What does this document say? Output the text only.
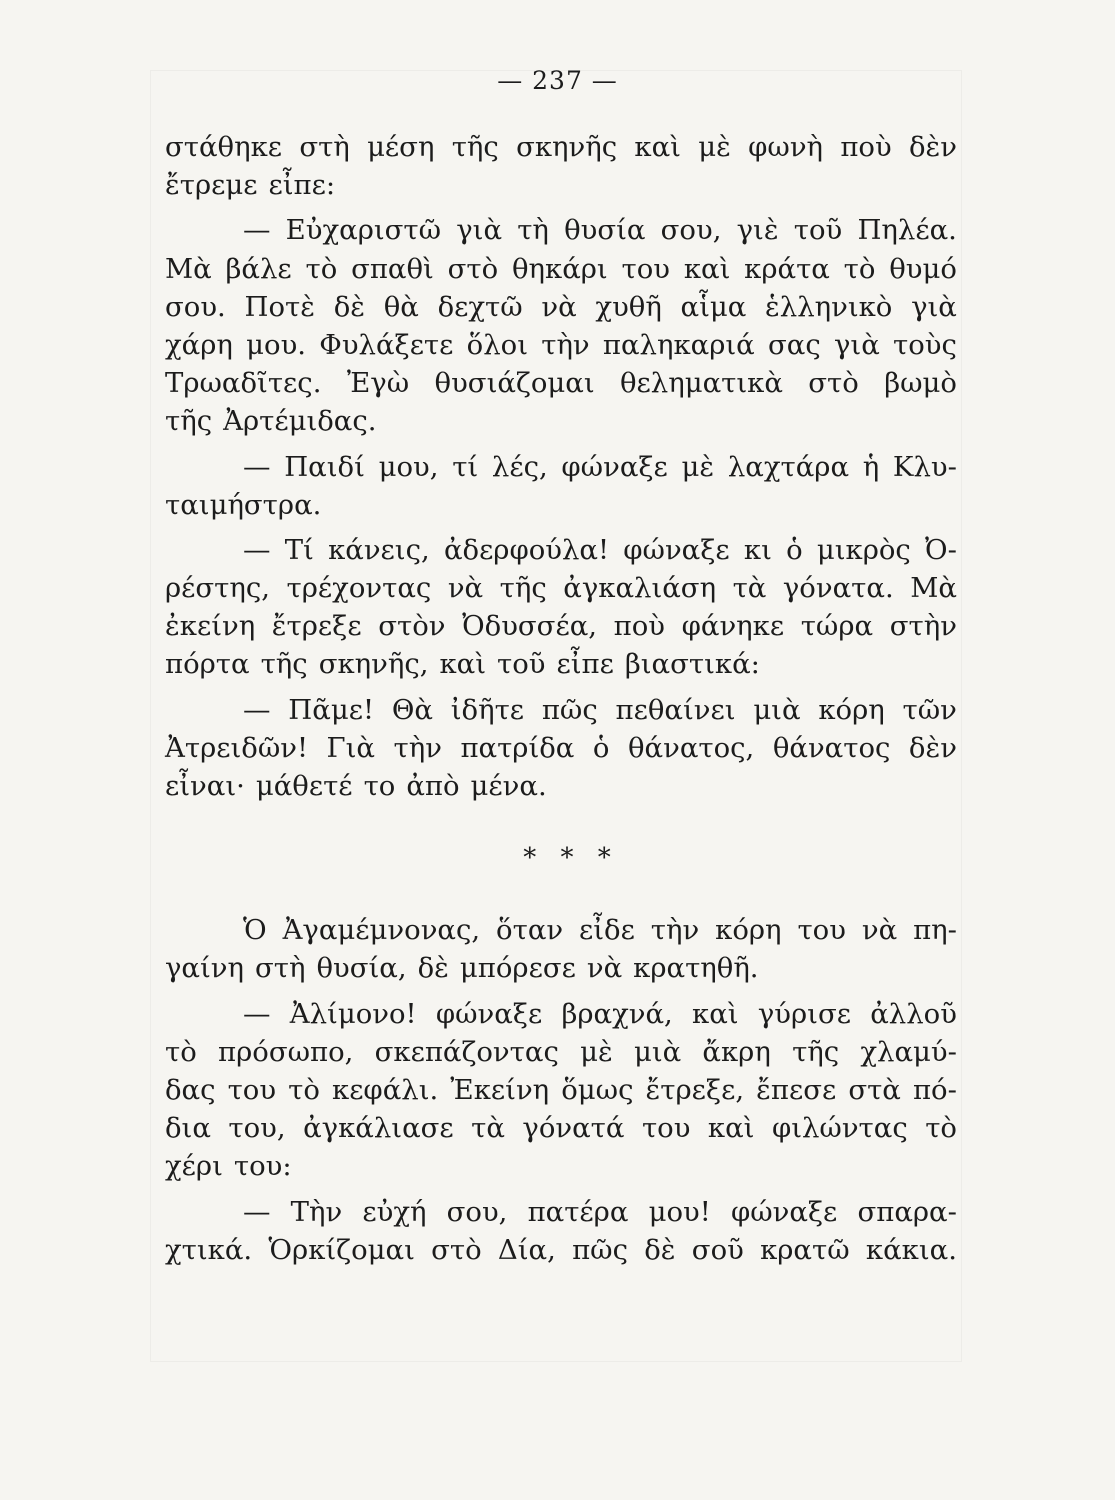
— 237 —
στάθηκε στὴ μέση τῆς σκηνῆς καὶ μὲ φωνὴ ποὺ δὲν
ἔτρεμε εἶπε:
— Εὐχαριστῶ γιὰ τὴ θυσία σου, γιὲ τοῦ Πηλέα.
Μὰ βάλε τὸ σπαθὶ στὸ θηκάρι του καὶ κράτα τὸ θυμό
σου. Ποτὲ δὲ θὰ δεχτῶ νὰ χυθῆ αἷμα ἑλληνικὸ γιὰ
χάρη μου. Φυλάξετε ὅλοι τὴν παληκαριά σας γιὰ τοὺς
Τρωαδῖτες. Ἐγὼ θυσιάζομαι θεληματικὰ στὸ βωμὸ
τῆς Ἀρτέμιδας.
— Παιδί μου, τί λές, φώναξε μὲ λαχτάρα ἡ Κλυ-
ταιμήστρα.
— Τί κάνεις, ἀδερφούλα! φώναξε κι ὁ μικρὸς Ὀ-
ρέστης, τρέχοντας νὰ τῆς ἀγκαλιάση τὰ γόνατα. Μὰ
ἐκείνη ἔτρεξε στὸν Ὀδυσσέα, ποὺ φάνηκε τώρα στὴν
πόρτα τῆς σκηνῆς, καὶ τοῦ εἶπε βιαστικά:
— Πᾶμε! Θὰ ἰδῆτε πῶς πεθαίνει μιὰ κόρη τῶν
Ἀτρειδῶν! Γιὰ τὴν πατρίδα ὁ θάνατος, θάνατος δὲν
εἶναι· μάθετέ το ἀπὸ μένα.
* * *
Ὁ Ἀγαμέμνονας, ὅταν εἶδε τὴν κόρη του νὰ πη-
γαίνη στὴ θυσία, δὲ μπόρεσε νὰ κρατηθῆ.
— Ἀλίμονο! φώναξε βραχνά, καὶ γύρισε ἀλλοῦ
τὸ πρόσωπο, σκεπάζοντας μὲ μιὰ ἄκρη τῆς χλαμύ-
δας του τὸ κεφάλι. Ἐκείνη ὅμως ἔτρεξε, ἔπεσε στὰ πό-
δια του, ἀγκάλιασε τὰ γόνατά του καὶ φιλώντας τὸ
χέρι του:
— Τὴν εὐχή σου, πατέρα μου! φώναξε σπαρα-
χτικά. Ὁρκίζομαι στὸ Δία, πῶς δὲ σοῦ κρατῶ κάκια.
